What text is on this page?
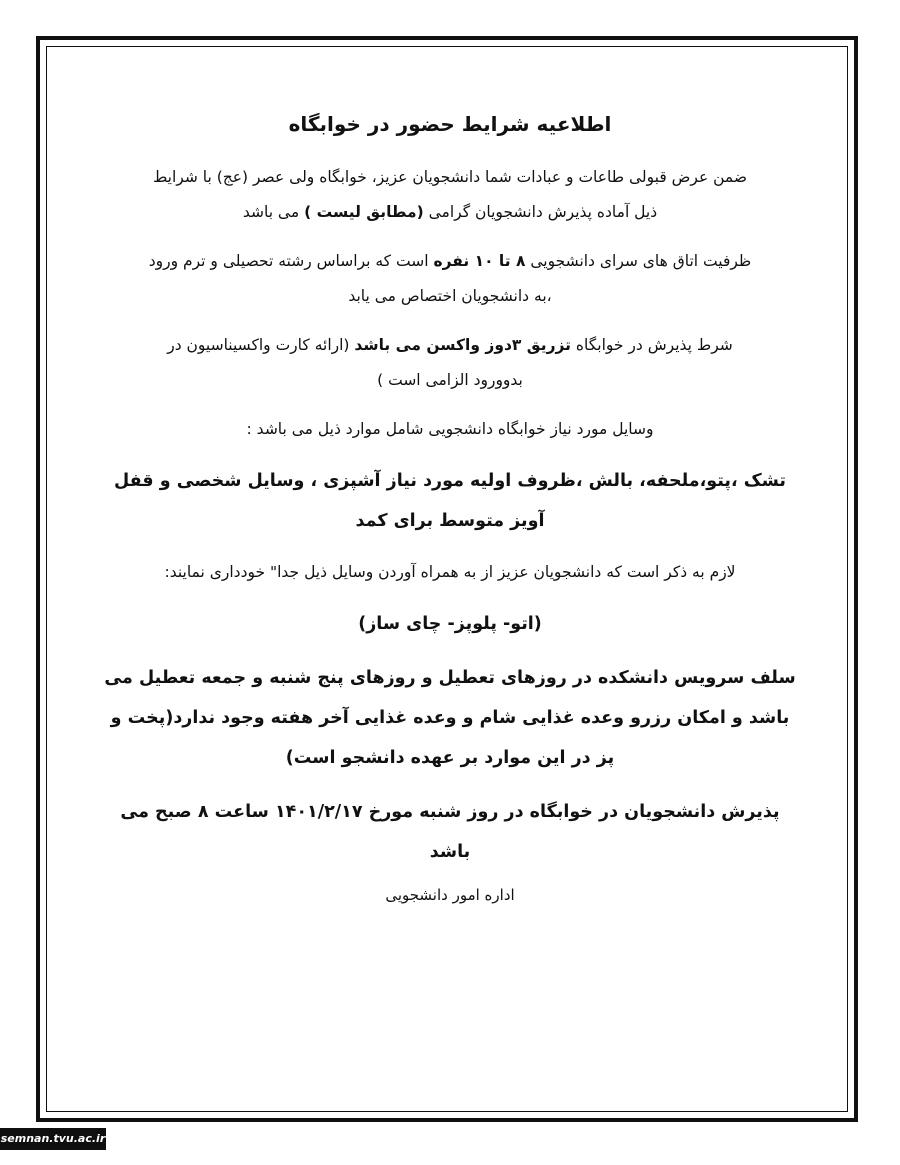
اطلاعیه شرایط حضور در خوابگاه
ضمن عرض قبولی طاعات و عبادات شما دانشجویان عزیز، خوابگاه ولی عصر (عج) با شرایط
ذیل آماده پذیرش دانشجویان گرامی (مطابق لیست ) می باشد
ظرفیت اتاق های سرای دانشجویی ۸ تا ۱۰ نفره است که براساس رشته تحصیلی و ترم ورود
،به دانشجویان اختصاص می یابد
شرط پذیرش در خوابگاه تزریق ۳دوز واکسن می باشد (ارائه کارت واکسیناسیون در
بدوورود الزامی است )
وسایل مورد نیاز خوابگاه دانشجویی شامل موارد ذیل می باشد :
تشک ،پتو،ملحفه، بالش ،ظروف اولیه مورد نیاز آشپزی ، وسایل شخصی و قفل
آویز متوسط برای کمد
لازم به ذکر است که دانشجویان عزیز از به همراه آوردن وسایل ذیل جدا" خودداری نمایند:
(اتو- پلوپز- چای ساز)
سلف سرویس دانشکده در روزهای تعطیل و روزهای پنج شنبه و جمعه تعطیل می
باشد و امکان رزرو وعده غذایی شام و وعده غذایی آخر هفته وجود ندارد(پخت و
پز در این موارد بر عهده دانشجو است)
پذیرش دانشجویان در خوابگاه در روز شنبه مورخ ۱۴۰۱/۲/۱۷ ساعت ۸ صبح می باشد
اداره امور دانشجویی
semnan.tvu.ac.ir
